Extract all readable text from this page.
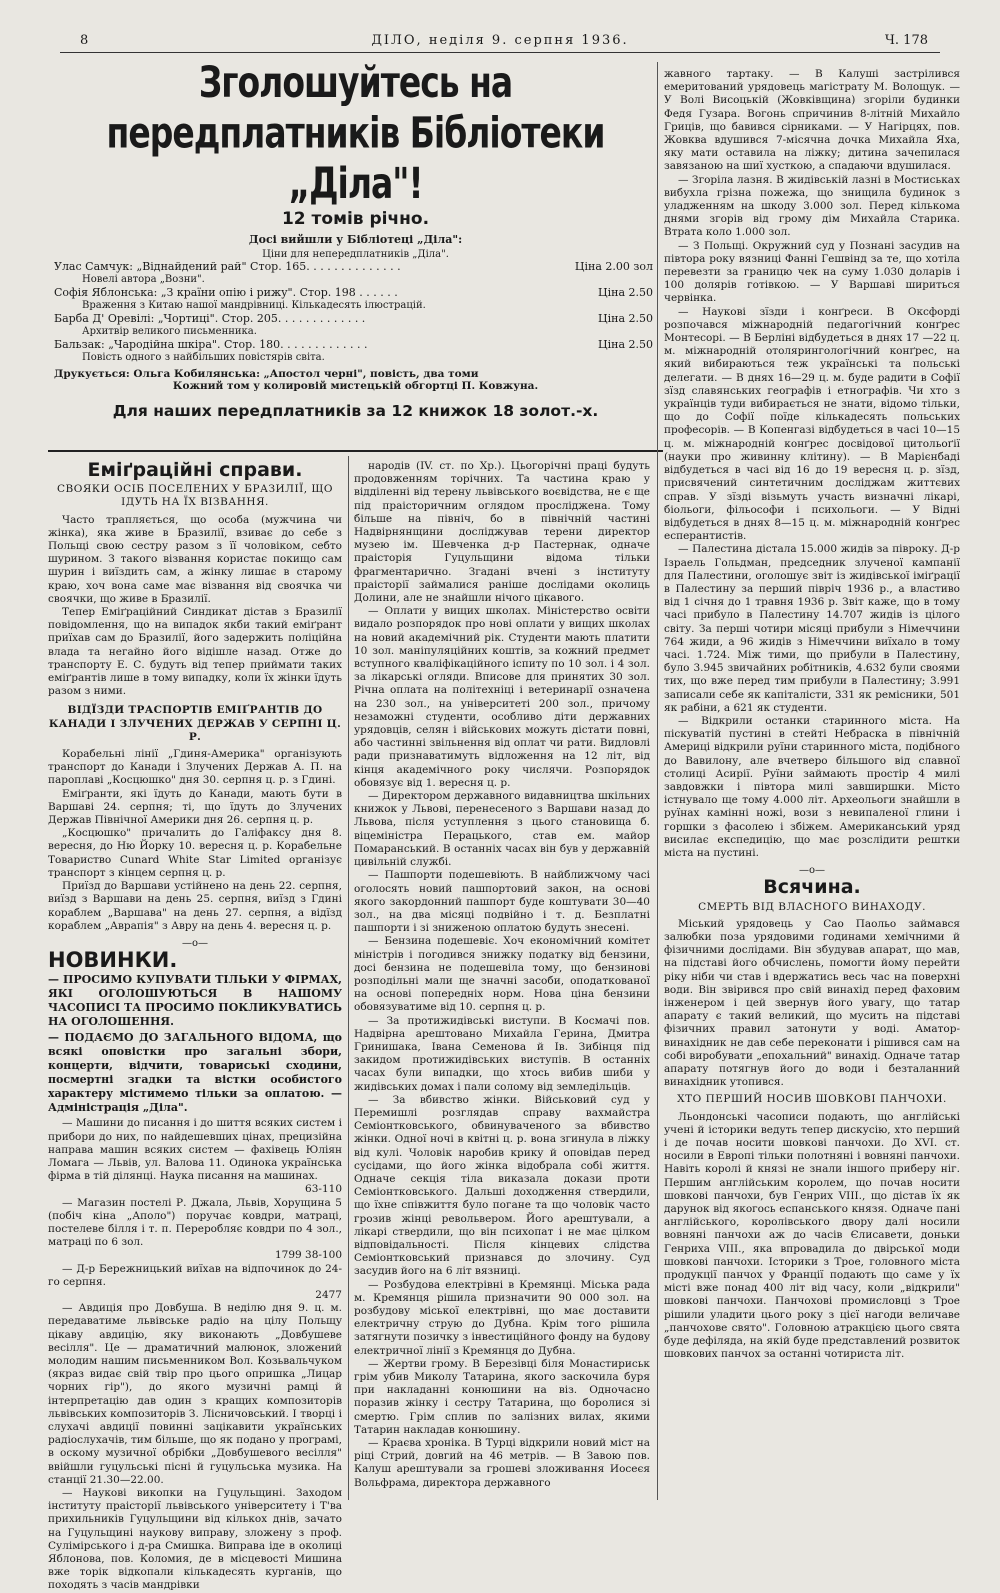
8	ДІЛО, неділя 9. серпня 1936.	Ч. 178
Зголошуйтесь на передплатників Бібліотеки „Діла"!
12 томів річно.
Досі вийшли у Бібліотеці „Діла":
Ціни для непередплатників „Діла".
Улас Самчук: „Віднайдений рай" Стор. 165. . . . . . . . . . . . . .	Ціна 2.00 зол
Новелі автора „Возни".
Софія Яблонська: „З країни опію і рижу". Стор. 198 . . . . . .	Ціна 2.50
Враження з Китаю нашої мандрівниці. Кількадесять ілюстрацій.
Барба Д' Оревілі: „Чортиці". Стор. 205. . . . . . . . . . . . .	Ціна 2.50
Архитвір великого письменника.
Бальзак: „Чародійна шкіра". Стор. 180. . . . . . . . . . . . .	Ціна 2.50
Повість одного з найбільших повістярів світа.
Друкується: Ольга Кобилянська: „Апостол черні", повість, два томи
Кожний том у колировій мистецькій обгортці П. Ковжуна.
Для наших передплатників за 12 книжок 18 золот.-х.
Еміґраційні справи.
СВОЯКИ ОСІБ ПОСЕЛЕНИХ У БРАЗИЛІЇ, ЩО ІДУТЬ НА ЇХ ВІЗВАННЯ.

Часто трапляється, що особа (мужчина чи жінка), яка живе в Бразилії, взиває до себе з Польщі свою сестру разом з її чоловіком, себто шурином. З такого візвання користає покищо сам шурин і виїздить сам, а жінку лишає в старому краю, хоч вона саме має візвання від своячка чи своячки, що живе в Бразилії.

Тепер Еміґраційний Синдикат дістав з Бразилії повідомлення, що на випадок якби такий еміґрант приїхав сам до Бразилії, його задержить поліційна влада та негайно його відішле назад. Отже до транспорту Е. С. будуть від тепер приймати таких еміґрантів лише в тому випадку, коли їх жінки їдуть разом з ними.

ВІДЇЗДИ ТРАСПОРТІВ ЕМІҐРАНТІВ ДО КАНАДИ І ЗЛУЧЕНИХ ДЕРЖАВ У СЕРПНІ Ц. Р.

Корабельні лінії „Гдиня-Америка" організують транспорт до Канади і Злучених Держав А. П. на пароплаві „Косцюшко" дня 30. серпня ц. р. з Гдині.

Еміґранти, які їдуть до Канади, мають бути в Варшаві 24. серпня; ті, що їдуть до Злучених Держав Північної Америки дня 26. серпня ц. р.

„Косцюшко" причалить до Галіфаксу дня 8. вересня, до Ню Йорку 10. вересня ц. р. Корабельне Товариство Cunard White Star Limited організує транспорт з кінцем серпня ц. р.

Приїзд до Варшави устійнено на день 22. серпня, виїзд з Варшави на день 25. серпня, виїзд з Гдині кораблем „Варшава" на день 27. серпня, а відїзд кораблем „Аврапія" з Авру на день 4. вересня ц. р.

—о—
НОВИНКИ.
— ПРОСИМО КУПУВАТИ ТІЛЬКИ У ФІРМАХ, ЯКІ ОГОЛОШУЮТЬСЯ В НАШОМУ ЧАСОПИСІ ТА ПРОСИМО ПОКЛИКУВАТИСЬ НА ОГОЛОШЕННЯ.
— ПОДАЄМО ДО ЗАГАЛЬНОГО ВІДОМА, що всякі оповістки про загальні збори, концерти, відчити, товариські сходини, посмертні згадки та вістки особистого характеру містимемо тільки за оплатою. — Адміністрація „Діла".

— Машини до писання і до шиття всяких систем і прибори до них, по найдешевших цінах, прецизійна направа машин всяких систем — фахівець Юліян Ломага — Львів, ул. Валова 11. Одинока українська фірма в тій ділянці. Наука писання на машинах.

63-110

— Магазин постелі Р. Джала, Львів, Хорущина 5 (побіч кіна „Аполо") поручає ковдри, матраці, постелеве білля і т. п. Переробляє ковдри по 4 зол., матраці по 6 зол.

1799 38-100

— Д-р Бережницький виїхав на відпочинок до 24-го серпня.

2477

— Авдиція про Довбуша. В неділю дня 9. ц. м. передаватиме львівське радіо на цілу Польщу цікаву авдицію, яку виконають „Довбушеве весілля". Це — драматичний малюнок, зложений молодим нашим письменником Вол. Козьвальчуком (якраз видає свій твір про цього опришка „Лицар чорних гір"), до якого музичні рамці й інтерпретацію дав один з кращих композиторів львівських композиторів З. Лісничовський. І творці і слухачі авдиції повинні зацікавити українських радіослухачів, тим більше, що як подано у програмі, в оскому музичної обрібки „Довбушевого весілля" ввійшли гуцульські пісні й гуцульська музика. На станції 21.30—22.00.

— Наукові викопки на Гуцульщині. Заходом інституту праісторії львівського університету і Т'ва прихильників Гуцульщини від кількох днів, зачато на Гуцульщині наукову виправу, зложену з проф. Сулімірського і д-ра Смишка. Виправа іде в околиці Яблонова, пов. Коломия, де в місцевості Мишина вже торік відкопали кількадесять курганів, що походять з часів мандрівки

народів (IV. ст. по Хр.). Цьогорічні праці будуть продовженням торічних. Та частина краю у відділенні від терену львівського воєвідства, не є ще під праісторичним оглядом просліджена. Тому більше на північ, бо в північній частині Надвірнянщини досліджував терени директор музею ім. Шевченка д-р Пастернак, одначе праісторія Гуцульщини відома тільки фрагментарично. Згадані вчені з інституту праісторії займалися раніше дослідами околиць Долини, але не знайшли нічого цікавого.

— Оплати у вищих школах. Міністерство освіти видало розпорядок про нові оплати у вищих школах на новий академічний рік. Студенти мають платити 10 зол. маніпуляційних коштів, за кожний предмет вступного кваліфікаційного іспиту по 10 зол. і 4 зол. за лікарські огляди. Вписове для принятих 30 зол. Річна оплата на політехніці і ветеринарії означена на 230 зол., на університеті 200 зол., причому незаможні студенти, особливо діти державних урядовців, селян і військових можуть дістати повні, або частинні звільнення від оплат чи рати. Видловлі ради признаватимуть відложення на 12 літ, від кінця академічного року числячи. Розпорядок обовязує від 1. вересня ц. р.

— Директором державного видавництва шкільних книжок у Львові, перенесеного з Варшави назад до Львова, після уступлення з цього становища б. віцеміністра Перацького, став ем. майор Помаранський. В останніх часах він був у державній цивільній службі.

— Пашпорти подешевіють. В найближчому часі оголосять новий пашпортовий закон, на основі якого закордонний пашпорт буде коштувати 30—40 зол., на два місяці подвійно і т. д. Безплатні пашпорти і зі зниженою оплатою будуть знесені.

— Бензина подешевіє. Хоч економічний комітет міністрів і погодився знижку податку від бензини, досі бензина не подешевіла тому, що бензинові розподільні мали ще значні засоби, оподаткованої на основі попередніх норм. Нова ціна бензини обовязуватиме від 10. серпня ц. р.

— За протижидівські виступи. В Космачі пов. Надвірна арештовано Михайла Герина, Дмитра Гринишака, Івана Семенова й Ів. Зибінця під закидом протижидівських виступів. В останніх часах були випадки, що хтось вибив шиби у жидівських домах і пали солому від земледільців.

— За вбивство жінки. Військовий суд у Перемишлі розглядав справу вахмайстра Семіонтковського, обвинуваченого за вбивство жінки. Одної ночі в квітні ц. р. вона згинула в ліжку від кулі. Чоловік наробив крику й оповідав перед сусідами, що його жінка відобрала собі життя. Одначе секція тіла виказала докази проти Семіонтковського. Дальші доходження ствердили, що їхне співжиття було погане та що чоловік часто грозив жінці револьвером. Його арештували, а лікарі ствердили, що він психопат і не має цілком відповідальності. Після кінцевих слідства Семіонтковський признався до злочину. Суд засудив його на 6 літ вязниці.

— Розбудова електрівні в Кремянці. Міська рада м. Кремянця рішила призначити 90 000 зол. на розбудову міської електрівні, що має доставити електричну струю до Дубна. Крім того рішила затягнути позичку з інвестиційного фонду на будову електричної лінії з Кремянця до Дубна.

— Жертви грому. В Березівці біля Монастириськ грім убив Миколу Татарина, якого заскочила буря при накладанні конюшини на віз. Одночасно поразив жінку і сестру Татарина, що боролися зі смертю. Грім сплив по залізних вилах, якими Татарин накладав конюшину.

— Краєва хроніка. В Турці відкрили новий міст на ріці Стрий, довгий на 46 метрів. — В Завою пов. Калуш арештували за грошеві зложивання Иосеєя Вольфрама, директора державного

жавного тартаку. — В Калуші застрілився емеритований урядовець магістрату М. Волощук. — У Волі Висоцькій (Жовківщина) згоріли будинки Федя Гузара. Вогонь спричинив 8-літній Михайло Гриців, що бавився сірниками. — У Нагірцях, пов. Жовква вдушився 7-місячна дочка Михайла Яха, яку мати оставила на ліжку; дитина зачепилася завязаною на шиї хусткою, а спадаючи вдушилася.

— Згоріла лазня. В жидівській лазні в Мостиськах вибухла грізна пожежа, що знищила будинок з уладженням на шкоду 3.000 зол. Перед кількома днями згорів від грому дім Михайла Старика. Втрата коло 1.000 зол.

— З Польщі. Окружний суд у Познані засудив на півтора року вязниці Фанні Гешвінд за те, що хотіла перевезти за границю чек на суму 1.030 доларів і 100 долярів готівкою. — У Варшаві шириться червінка.

— Наукові зїзди і конґреси. В Оксфорді розпочався міжнародній педагогічний конґрес Монтесорі. — В Берліні відбудеться в днях 17 —22 ц. м. міжнародній отолярингологічний конґрес, на який вибираються теж українські та польські делегати. — В днях 16—29 ц. м. буде радити в Софії зїзд славянських географів і етнографів. Чи хто з українців туди вибирається не знати, відомо тільки, що до Софії поїде кількадесять польських професорів. — В Копенгазі відбудеться в часі 10—15 ц. м. міжнародній конґрес досвідової цитольоґії (науки про живинну клітину). — В Марієнбаді відбудеться в часі від 16 до 19 вересня ц. р. зїзд, присвячений синтетичним досліджам життєвих справ. У зїзді візьмуть участь визначні лікарі, біольоги, фільософи і психольоги. — У Відні відбудеться в днях 8—15 ц. м. міжнародній конґрес есперантистів.

— Палестина дістала 15.000 жидів за півроку. Д-р Ізраель Гольдман, председник злученої кампанії для Палестини, оголошує звіт із жидівської іміґрації в Палестину за перший півріч 1936 р., а властиво від 1 січня до 1 травня 1936 р. Звіт каже, що в тому часі прибуло в Палестину 14.707 жидів із цілого світу. За перші чотири місяці прибули з Німеччини 764 жиди, а 96 жидів з Німеччини виїхало в тому часі. 1.724. Між тими, що прибули в Палестину, було 3.945 звичайних робітників, 4.632 були своями тих, що вже перед тим прибули в Палестину; 3.991 записали себе як капіталісти, 331 як ремісники, 501 як рабіни, а 621 як студенти.

— Відкрили останки старинного міста. На піскуватій пустині в стейті Небраска в північній Америці відкрили руїни старинного міста, подібного до Вавилону, але вчетверо більшого від славної столиці Асирії. Руїни займають простір 4 милі завдовжки і півтора милі завширшки. Місто істнувало ще тому 4.000 літ. Археольоги знайшли в руїнах камінні ножі, вози з невипаленої глини і горшки з фасолею і збіжем. Американський уряд висилає експедицію, що має розслідити рештки міста на пустині.

—о—
Всячина.
СМЕРТЬ ВІД ВЛАСНОГО ВИНАХОДУ.

Міський урядовець у Сао Паольо займався залюбки поза урядовими годинами хемічними й фізичними дослідами. Він збудував апарат, що мав, на підставі його обчислень, помогти йому перейти ріку ніби чи став і вдержатись весь час на поверхні води. Він звірився про свій винахід перед фаховим інженером і цей звернув його увагу, що татар апарату є такий великий, що мусить на підставі фізичних правил затонути у воді. Аматор-винахідник не дав себе переконати і рішився сам на собі виробувати „епохальний" винахід. Одначе татар апарату потягнув його до води і безталанний винахідник утопився.

ХТО ПЕРШИЙ НОСИВ ШОВКОВІ ПАНЧОХИ.

Льондонські часописи подають, що англійські учені й історики ведуть тепер дискусію, хто перший і де почав носити шовкові панчохи. До XVI. ст. носили в Европі тільки полотняні і вовняні панчохи. Навіть королі й князі не знали іншого приберу ніг. Першим англійським королем, що почав носити шовкові панчохи, був Генрих VIII., що дістав їх як дарунок від якогось еспанського князя. Одначе пані англійського, королівського двору далі носили вовняні панчохи аж до часів Єлисавети, доньки Генриха VIII., яка впровадила до двірської моди шовкові панчохи. Історики з Трое, головного міста продукції панчох у Франції подають що саме у їх місті вже понад 400 літ від часу, коли „відкрили" шовкові панчохи. Панчохові промисловці з Трое рішили уладити цього року з цієї нагоди величаве „панчохове свято". Головною атракцією цього свята буде дефіляда, на якій буде представлений розвиток шовкових панчох за останні чотириста літ.
